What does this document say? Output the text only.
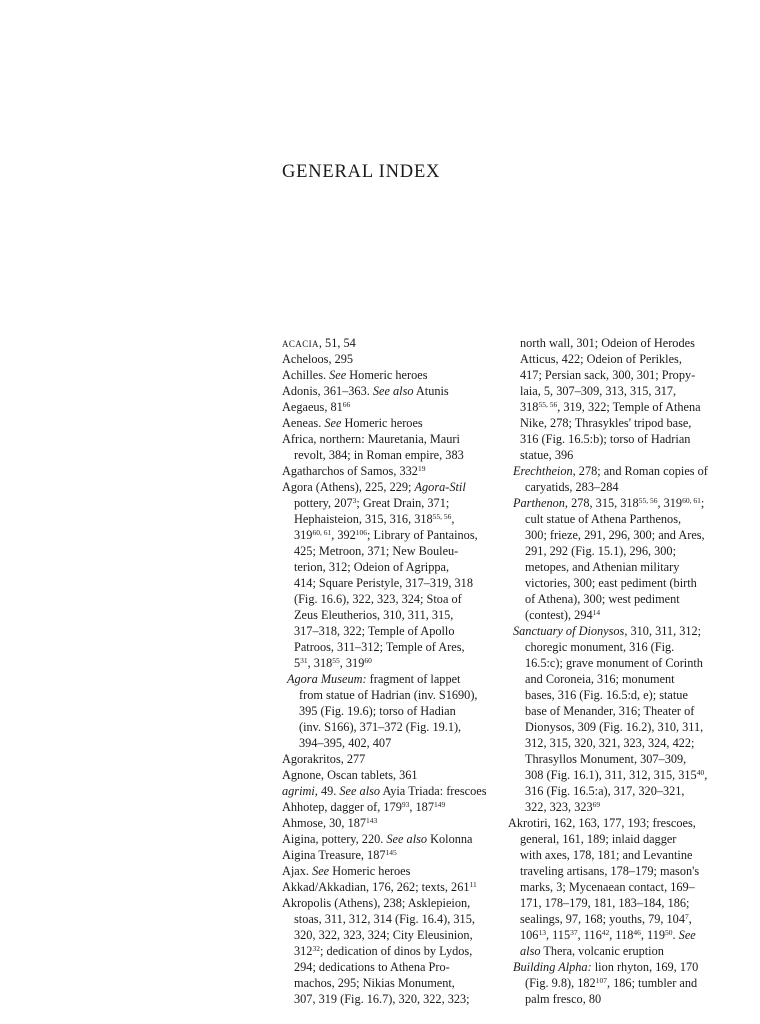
GENERAL INDEX
acacia, 51, 54
Acheloos, 295
Achilles. See Homeric heroes
Adonis, 361–363. See also Atunis
Aegaeus, $81^{66}$
Aeneas. See Homeric heroes
Africa, northern: Mauretania, Mauri
revolt, 384; in Roman empire, 383
Agatharchos of Samos, $332^{19}$
Agora (Athens), 225, 229; Agora-Stil
pottery, $207^3$; Great Drain, 371;
Hephaisteion, 315, 316, 318$^{55, 56}$,
319$^{60, 61}$, $392^{106}$; Library of Pantainos,
425; Metroon, 371; New Bouleu-
terion, 312; Odeion of Agrippa,
414; Square Peristyle, 317–319, 318
(Fig. 16.6), 322, 323, 324; Stoa of
Zeus Eleutherios, 310, 311, 315,
317–318, 322; Temple of Apollo
Patroos, 311–312; Temple of Ares,
$5^{31}$, $318^{55}$, $319^{60}$
Agora Museum: fragment of lappet
from statue of Hadrian (inv. S1690),
395 (Fig. 19.6); torso of Hadian
(inv. S166), 371–372 (Fig. 19.1),
394–395, 402, 407
Agorakritos, 277
Agnone, Oscan tablets, 361
agrimi, 49. See also Ayia Triada: frescoes
Ahhotep, dagger of, $179^{93}$, $187^{149}$
Ahmose, 30, $187^{143}$
Aigina, pottery, 220. See also Kolonna
Aigina Treasure, $187^{145}$
Ajax. See Homeric heroes
Akkad/Akkadian, 176, 262; texts, $261^{11}$
Akropolis (Athens), 238; Asklepieion,
stoas, 311, 312, 314 (Fig. 16.4), 315,
320, 322, 323, 324; City Eleusinion,
$312^{32}$; dedication of dinos by Lydos,
294; dedications to Athena Pro-
machos, 295; Nikias Monument,
307, 319 (Fig. 16.7), 320, 322, 323;
north wall, 301; Odeion of Herodes
Atticus, 422; Odeion of Perikles,
417; Persian sack, 300, 301; Propy-
laia, 5, 307–309, 313, 315, 317,
318$^{55, 56}$, 319, 322; Temple of Athena
Nike, 278; Thrasykles' tripod base,
316 (Fig. 16.5:b); torso of Hadrian
statue, 396
Erechtheion, 278; and Roman copies of
caryatids, 283–284
Parthenon, 278, 315, 318$^{55, 56}$, 319$^{60, 61}$;
cult statue of Athena Parthenos,
300; frieze, 291, 296, 300; and Ares,
291, 292 (Fig. 15.1), 296, 300;
metopes, and Athenian military
victories, 300; east pediment (birth
of Athena), 300; west pediment
(contest), $294^{14}$
Sanctuary of Dionysos, 310, 311, 312;
choregic monument, 316 (Fig.
16.5:c); grave monument of Corinth
and Coroneia, 316; monument
bases, 316 (Fig. 16.5:d, e); statue
base of Menander, 316; Theater of
Dionysos, 309 (Fig. 16.2), 310, 311,
312, 315, 320, 321, 323, 324, 422;
Thrasyllos Monument, 307–309,
308 (Fig. 16.1), 311, 312, 315, $315^{40}$,
316 (Fig. 16.5:a), 317, 320–321,
322, 323, $323^{69}$
Akrotiri, 162, 163, 177, 193; frescoes,
general, 161, 189; inlaid dagger
with axes, 178, 181; and Levantine
traveling artisans, 178–179; mason's
marks, 3; Mycenaean contact, 169–
171, 178–179, 181, 183–184, 186;
sealings, 97, 168; youths, 79, $104^7$,
$106^{13}$, $115^{37}$, $116^{42}$, $118^{46}$, $119^{50}$. See
also Thera, volcanic eruption
Building Alpha: lion rhyton, 169, 170
(Fig. 9.8), $182^{107}$, 186; tumbler and
palm fresco, 80
